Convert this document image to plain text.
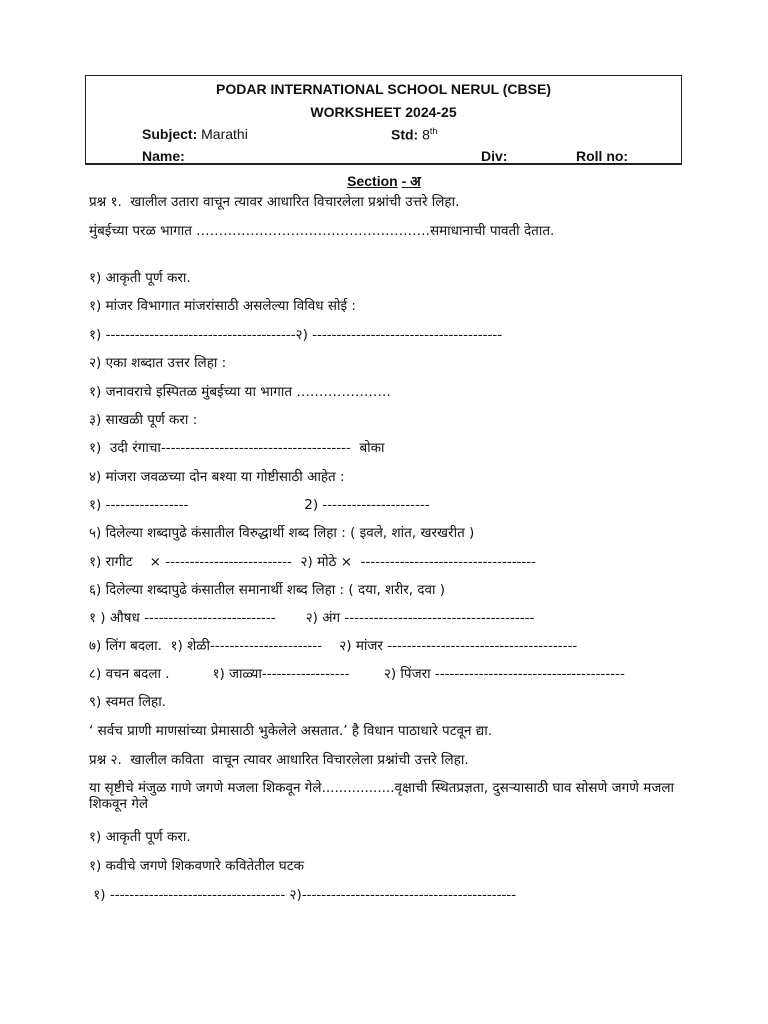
PODAR INTERNATIONAL SCHOOL NERUL (CBSE)
WORKSHEET 2024-25
Subject: Marathi	Std: 8th
Name:	Div:	Roll no:
Section - अ
प्रश्न १.  खालील उतारा वाचून त्यावर आधारित विचारलेला प्रश्नांची उत्तरे लिहा.
मुंबईच्या परळ भागात …………………………………………….समाधानाची पावती देतात.
१) आकृती पूर्ण करा.
१) मांजर विभागात मांजरांसाठी असलेल्या विविध सोई :
१) ---------------------------------------२) ---------------------------------------
२) एका शब्दात उत्तर लिहा :
१) जनावराचे इस्पितळ मुंबईच्या या भागात …………………
३) साखळी पूर्ण करा :
१)  उदी रंगाचा---------------------------------------  बोका
४) मांजरा जवळच्या दोन बश्या या गोष्टीसाठी आहेत :
१) -----------------                           2) ----------------------
५) दिलेल्या शब्दापुढे कंसातील विरुद्धार्थी शब्द लिहा : ( इवले, शांत, खरखरीत )
१) रागीट    × --------------------------  २) मोठे ×  ------------------------------------
६) दिलेल्या शब्दापुढे कंसातील समानार्थी शब्द लिहा : ( दया, शरीर, दवा )
१ ) औषध ---------------------------       २) अंग ---------------------------------------
७) लिंग बदला.  १) शेळी-----------------------    २) मांजर ---------------------------------------
८) वचन बदला .          १) जाळ्या------------------        २) पिंजरा ---------------------------------------
९) स्वमत लिहा.
‘ सर्वच प्राणी माणसांच्या प्रेमासाठी भुकेलेले असतात.’ है विधान पाठाधारे पटवून द्या.
प्रश्न २.  खालील कविता  वाचून त्यावर आधारित विचारलेला प्रश्नांची उत्तरे लिहा.
या सृष्टीचे मंजुळ गाणे जगणे मजला शिकवून गेले.................वृक्षाची स्थितप्रज्ञता, दुसऱ्यासाठी घाव सोसणे जगणे मजला शिकवून गेले
१) आकृती पूर्ण करा.
१) कवीचे जगणे शिकवणारे कवितेतील घटक
१) ------------------------------------ २)--------------------------------------------
